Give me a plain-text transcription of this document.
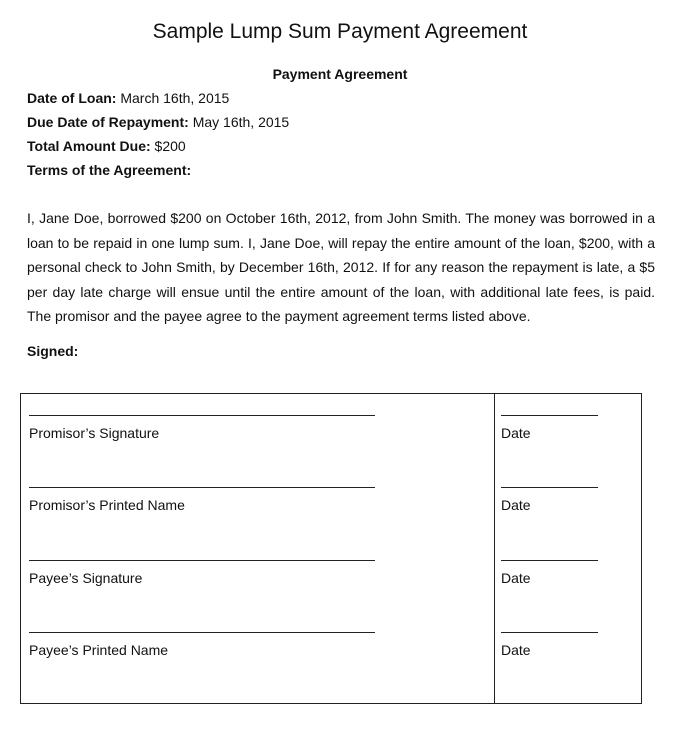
Sample Lump Sum Payment Agreement
Payment Agreement
Date of Loan: March 16th, 2015
Due Date of Repayment: May 16th, 2015
Total Amount Due: $200
Terms of the Agreement:

I, Jane Doe, borrowed $200 on October 16th, 2012, from John Smith. The money was borrowed in a loan to be repaid in one lump sum. I, Jane Doe, will repay the entire amount of the loan, $200, with a personal check to John Smith, by December 16th, 2012. If for any reason the repayment is late, a $5 per day late charge will ensue until the entire amount of the loan, with additional late fees, is paid. The promisor and the payee agree to the payment agreement terms listed above.

Signed:
Promisor’s Signature	Date
Promisor’s Printed Name	Date
Payee’s Signature	Date
Payee’s Printed Name	Date
